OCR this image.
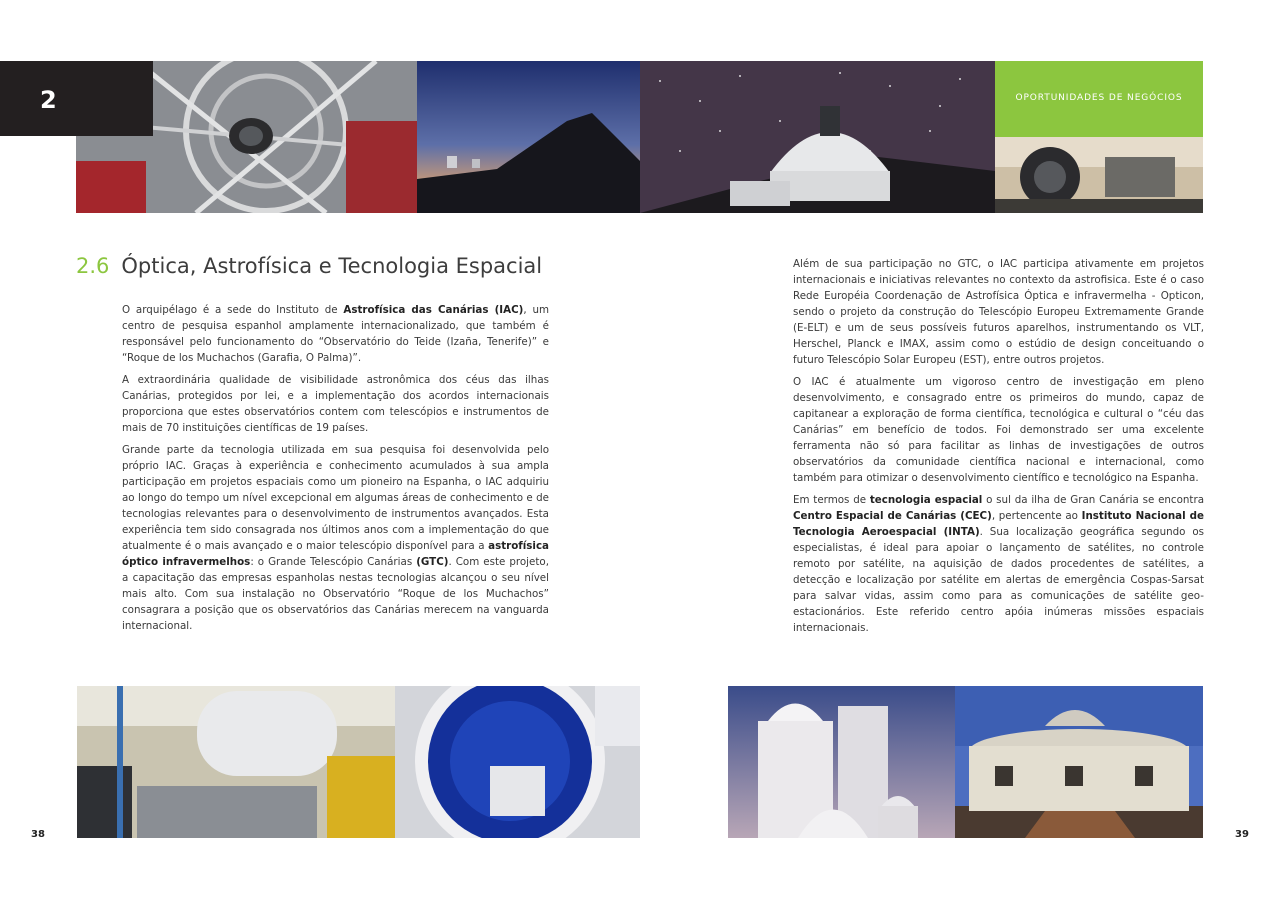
2	OPORTUNIDADES DE NEGÓCIOS
2.6 Óptica, Astrofísica e Tecnologia Espacial

O arquipélago é a sede do Instituto de Astrofísica das Canárias (IAC), um centro de pesquisa espanhol amplamente internacionalizado, que também é responsável pelo funcionamento do “Observatório do Teide (Izaña, Tenerife)” e “Roque de los Muchachos (Garafia, O Palma)”.

A extraordinária qualidade de visibilidade astronômica dos céus das ilhas Canárias, protegidos por lei, e a implementação dos acordos internacionais proporciona que estes observatórios contem com telescópios e instrumentos de mais de 70 instituições científicas de 19 países.

Grande parte da tecnologia utilizada em sua pesquisa foi desenvolvida pelo próprio IAC. Graças à experiência e conhecimento acumulados à sua ampla participação em projetos espaciais como um pioneiro na Espanha, o IAC adquiriu ao longo do tempo um nível excepcional em algumas áreas de conhecimento e de tecnologias relevantes para o desenvolvimento de instrumentos avançados. Esta experiência tem sido consagrada nos últimos anos com a implementação do que atualmente é o mais avançado e o maior telescópio disponível para a astrofísica óptico infravermelhos: o Grande Telescópio Canárias (GTC). Com este projeto, a capacitação das empresas espanholas nestas tecnologias alcançou o seu nível mais alto. Com sua instalação no Observatório “Roque de los Muchachos” consagrara a posição que os observatórios das Canárias merecem na vanguarda internacional.

Além de sua participação no GTC, o IAC participa ativamente em projetos internacionais e iniciativas relevantes no contexto da astrofisica. Este é o caso Rede Européia Coordenação de Astrofísica Óptica e infravermelha - Opticon, sendo o projeto da construção do Telescópio Europeu Extremamente Grande (E-ELT) e um de seus possíveis futuros aparelhos, instrumentando os VLT, Herschel, Planck e IMAX, assim como o estúdio de design conceituando o futuro Telescópio Solar Europeu (EST), entre outros projetos.

O IAC é atualmente um vigoroso centro de investigação em pleno desenvolvimento, e consagrado entre os primeiros do mundo, capaz de capitanear a exploração de forma científica, tecnológica e cultural o “céu das Canárias” em benefício de todos. Foi demonstrado ser uma excelente ferramenta não só para facilitar as linhas de investigações de outros observatórios da comunidade científica nacional e internacional, como também para otimizar o desenvolvimento científico e tecnológico na Espanha.

Em termos de tecnologia espacial o sul da ilha de Gran Canária se encontra Centro Espacial de Canárias (CEC), pertencente ao Instituto Nacional de Tecnologia Aeroespacial (INTA). Sua localização geográfica segundo os especialistas, é ideal para apoiar o lançamento de satélites, no controle remoto por satélite, na aquisição de dados procedentes de satélites, a detecção e localização por satélite em alertas de emergência Cospas-Sarsat para salvar vidas, assim como para as comunicações de satélite geo-estacionários. Este referido centro apóia inúmeras missões espaciais internacionais.

38	39
